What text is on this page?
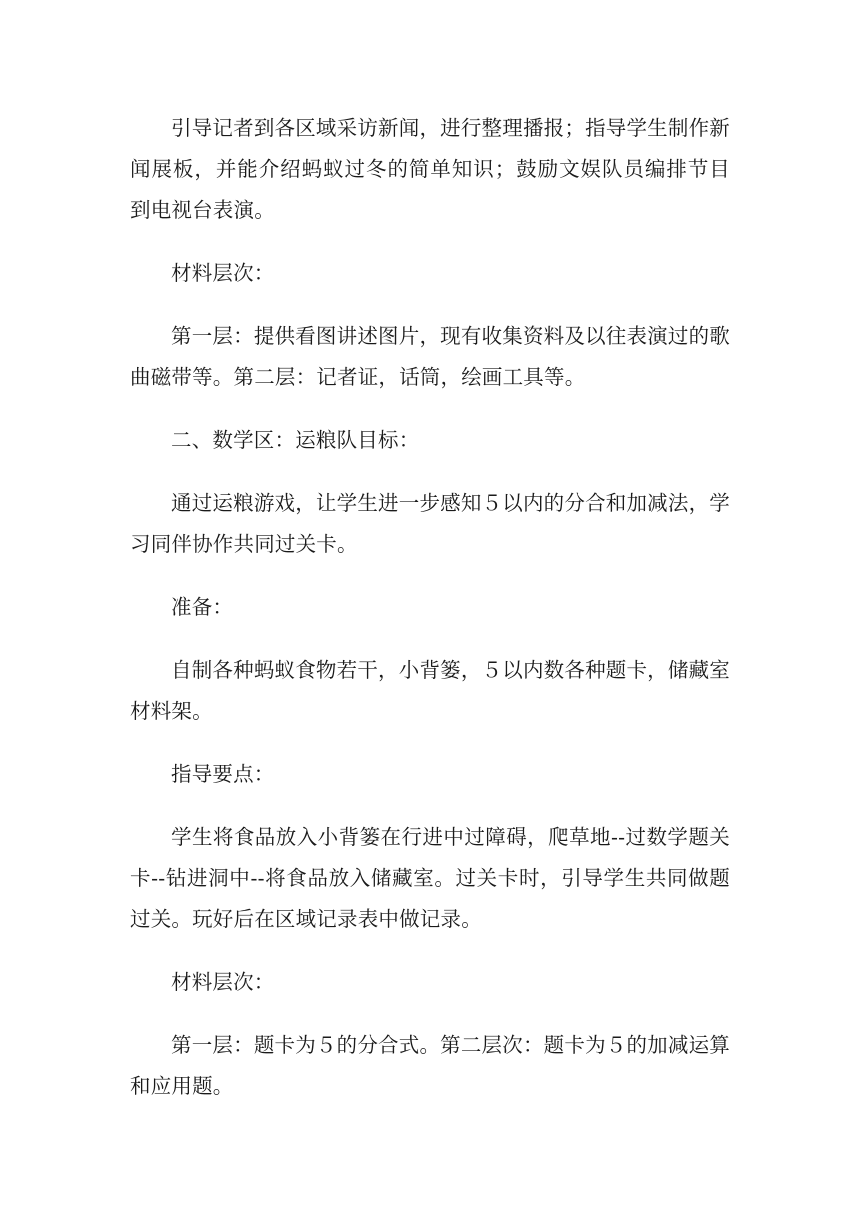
引导记者到各区域采访新闻，进行整理播报；指导学生制作新闻展板，并能介绍蚂蚁过冬的简单知识；鼓励文娱队员编排节目到电视台表演。

材料层次：

第一层：提供看图讲述图片，现有收集资料及以往表演过的歌曲磁带等。第二层：记者证，话筒，绘画工具等。

二、数学区：运粮队目标：

通过运粮游戏，让学生进一步感知５以内的分合和加减法，学习同伴协作共同过关卡。

准备：

自制各种蚂蚁食物若干，小背篓，５以内数各种题卡，储藏室材料架。

指导要点：

学生将食品放入小背篓在行进中过障碍，爬草地--过数学题关卡--钻进洞中--将食品放入储藏室。过关卡时，引导学生共同做题过关。玩好后在区域记录表中做记录。

材料层次：

第一层：题卡为５的分合式。第二层次：题卡为５的加减运算和应用题。
